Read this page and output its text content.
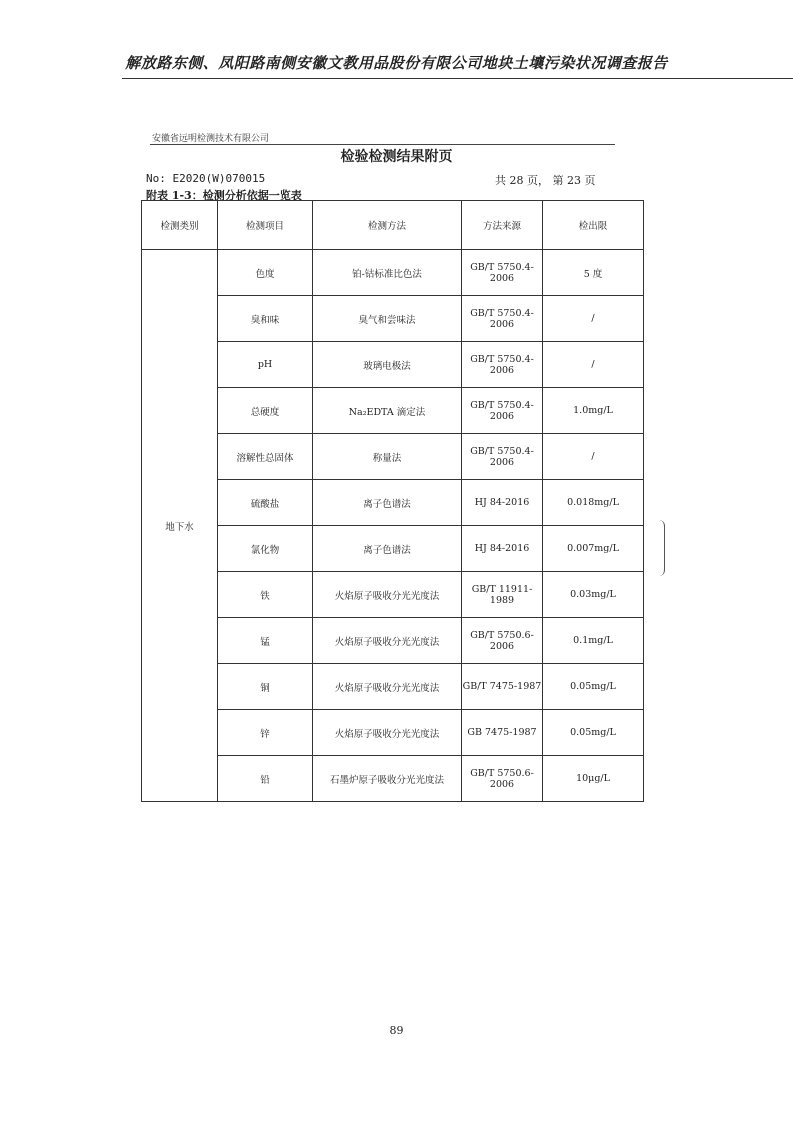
解放路东侧、凤阳路南侧安徽文教用品股份有限公司地块土壤污染状况调查报告
安徽省远明检测技术有限公司
检验检测结果附页
No: E2020(W)070015	共 28 页， 第 23 页
附表 1-3：检测分析依据一览表
检测类别	检测项目	检测方法	方法来源	检出限
地下水	色度	铂-钴标准比色法	GB/T 5750.4-2006	5 度
	臭和味	臭气和尝味法	GB/T 5750.4-2006	/
	pH	玻璃电极法	GB/T 5750.4-2006	/
	总硬度	Na₂EDTA 滴定法	GB/T 5750.4-2006	1.0mg/L
	溶解性总固体	称量法	GB/T 5750.4-2006	/
	硫酸盐	离子色谱法	HJ 84-2016	0.018mg/L
	氯化物	离子色谱法	HJ 84-2016	0.007mg/L
	铁	火焰原子吸收分光光度法	GB/T 11911-1989	0.03mg/L
	锰	火焰原子吸收分光光度法	GB/T 5750.6-2006	0.1mg/L
	铜	火焰原子吸收分光光度法	GB/T 7475-1987	0.05mg/L
	锌	火焰原子吸收分光光度法	GB 7475-1987	0.05mg/L
	铅	石墨炉原子吸收分光光度法	GB/T 5750.6-2006	10μg/L
89
